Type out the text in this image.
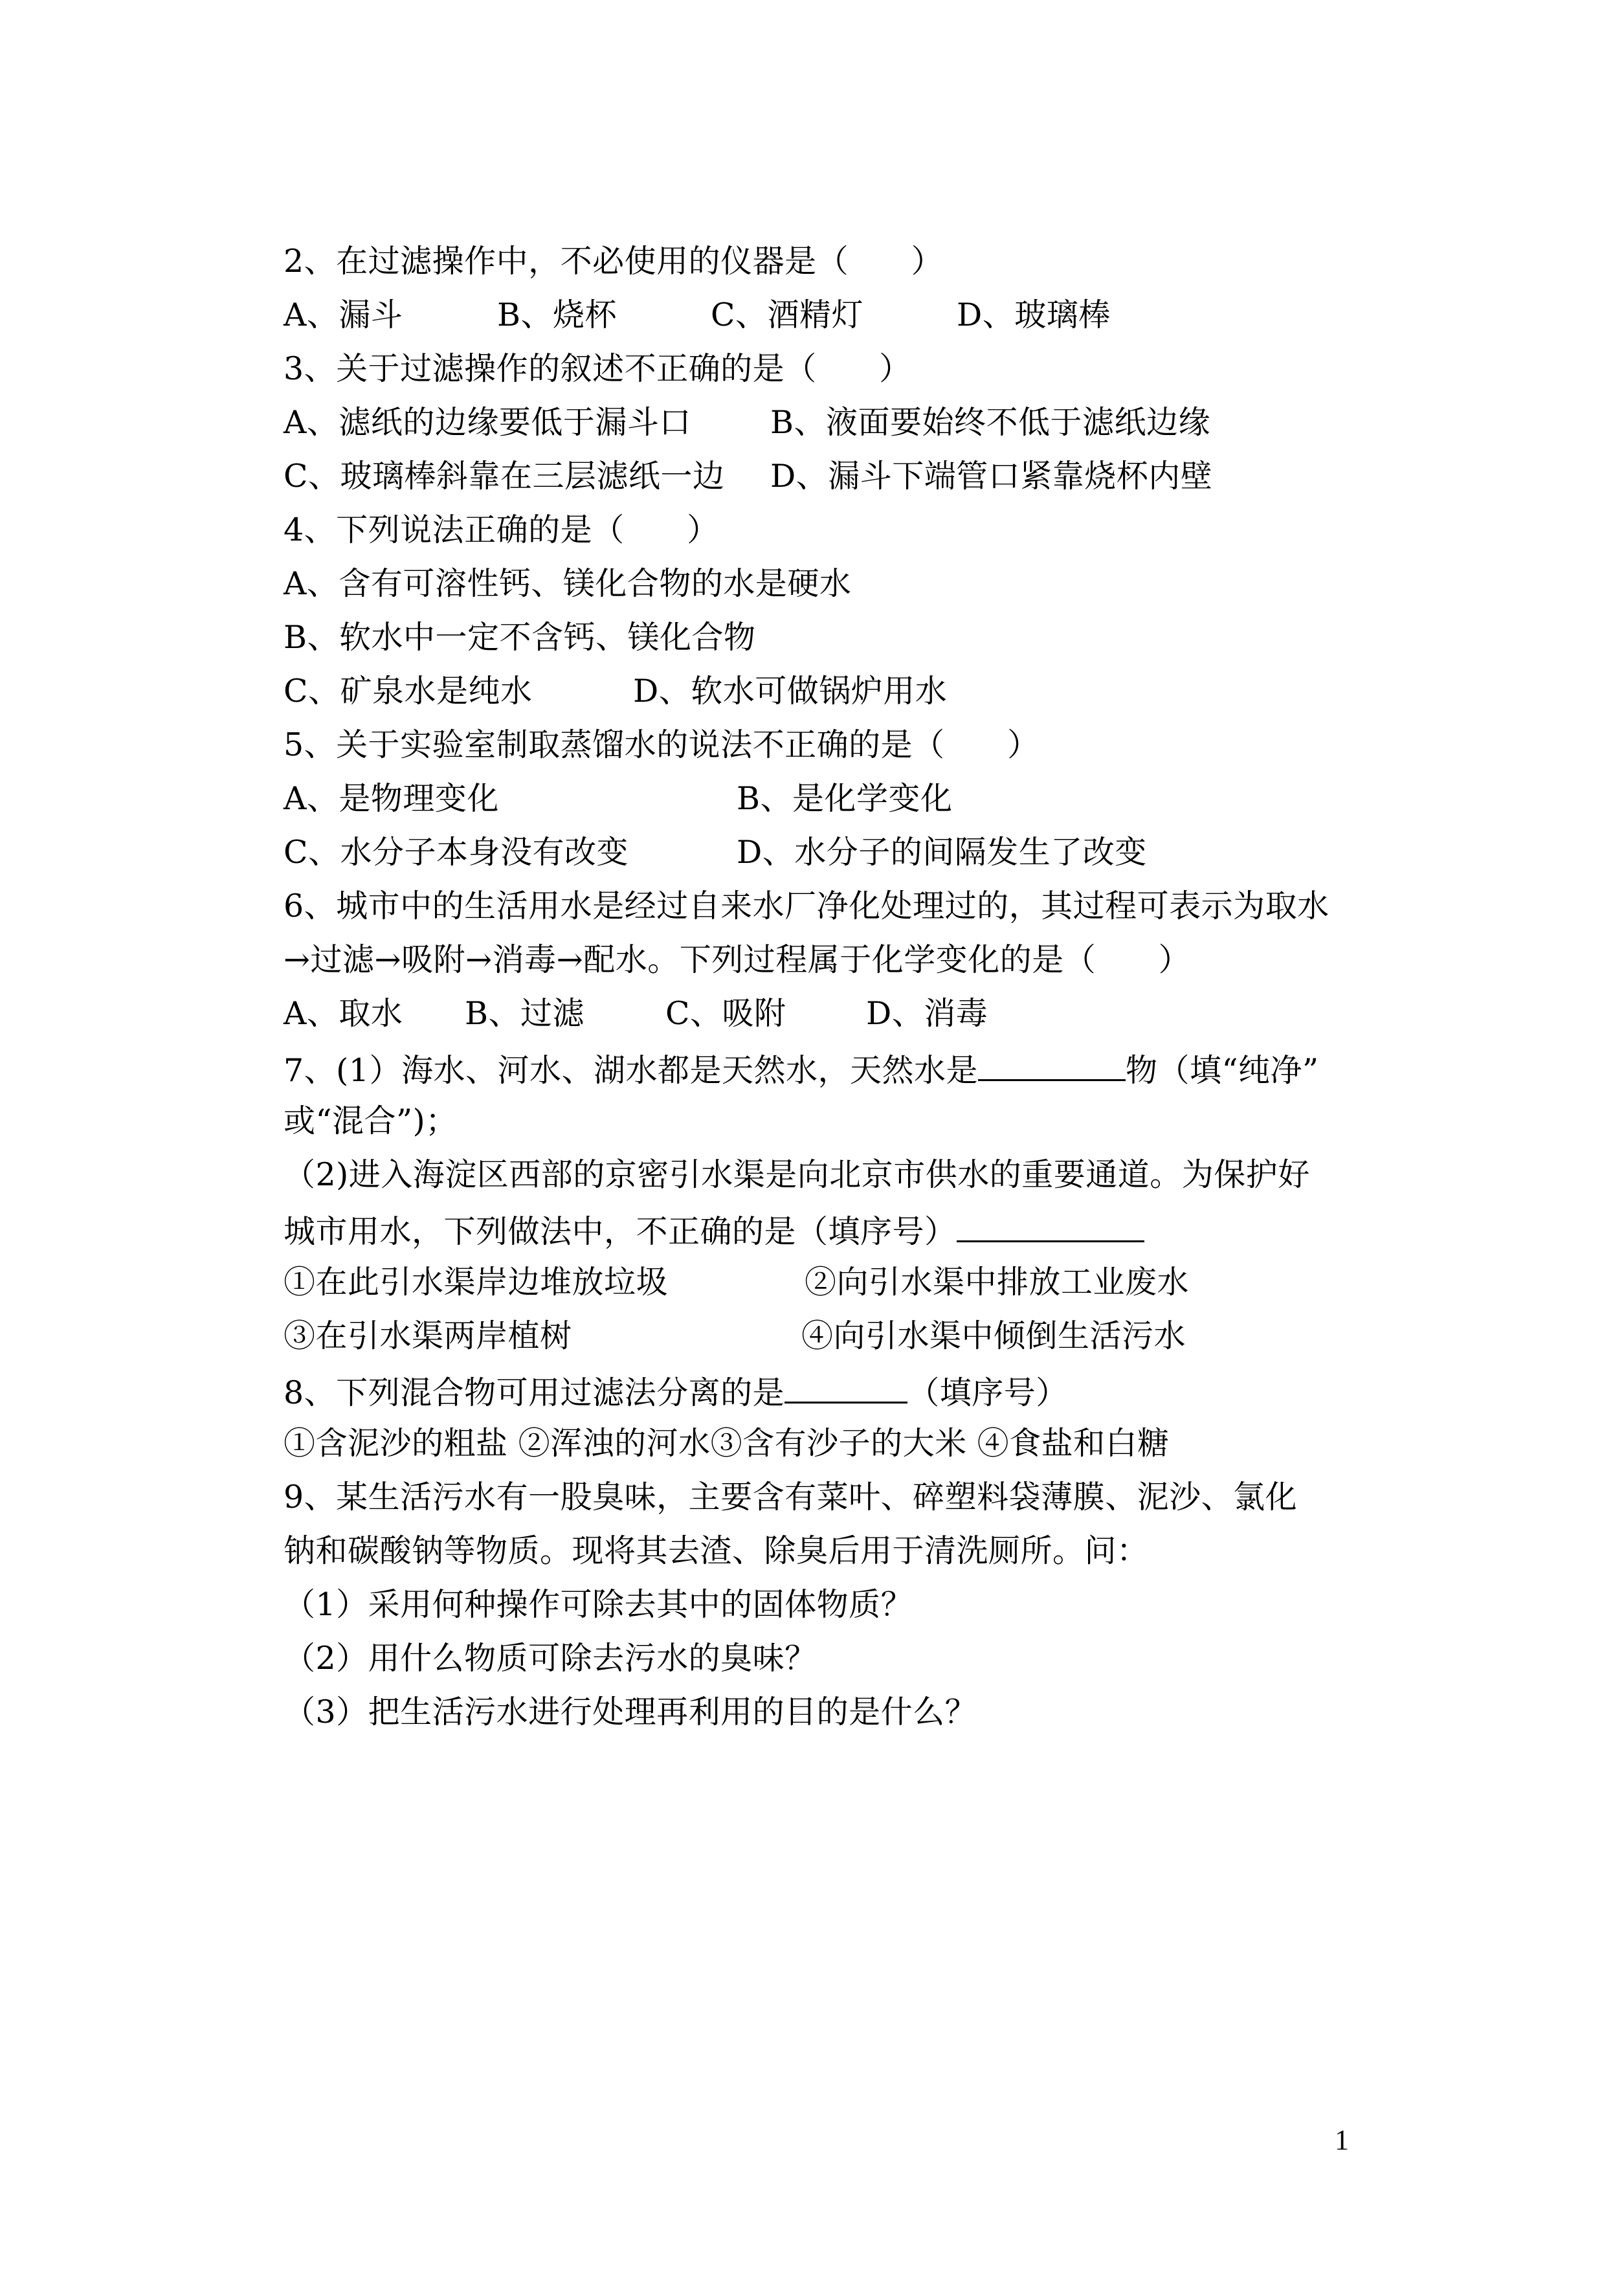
2、在过滤操作中，不必使用的仪器是（      ）
A、漏斗	B、烧杯	C、酒精灯	D、玻璃棒
3、关于过滤操作的叙述不正确的是（      ）
A、滤纸的边缘要低于漏斗口 B、液面要始终不低于滤纸边缘
C、玻璃棒斜靠在三层滤纸一边 D、漏斗下端管口紧靠烧杯内壁
4、下列说法正确的是（      ）
A、含有可溶性钙、镁化合物的水是硬水
B、软水中一定不含钙、镁化合物
C、矿泉水是纯水	D、软水可做锅炉用水
5、关于实验室制取蒸馏水的说法不正确的是（      ）
A、是物理变化	B、是化学变化
C、水分子本身没有改变	D、水分子的间隔发生了改变
6、城市中的生活用水是经过自来水厂净化处理过的，其过程可表示为取水
→过滤→吸附→消毒→配水。下列过程属于化学变化的是（      ）
A、取水 B、过滤	C、吸附	D、消毒
7、(1）海水、河水、湖水都是天然水，天然水是	物（填“纯净”
或“混合”)；
（2)进入海淀区西部的京密引水渠是向北京市供水的重要通道。为保护好
城市用水，下列做法中，不正确的是（填序号）
①在此引水渠岸边堆放垃圾	②向引水渠中排放工业废水
③在引水渠两岸植树	④向引水渠中倾倒生活污水
8、下列混合物可用过滤法分离的是	（填序号）
①含泥沙的粗盐 ②浑浊的河水③含有沙子的大米 ④食盐和白糖
9、某生活污水有一股臭味，主要含有菜叶、碎塑料袋薄膜、泥沙、氯化
钠和碳酸钠等物质。现将其去渣、除臭后用于清洗厕所。问：
（1）采用何种操作可除去其中的固体物质？
（2）用什么物质可除去污水的臭味？
（3）把生活污水进行处理再利用的目的是什么？
1
